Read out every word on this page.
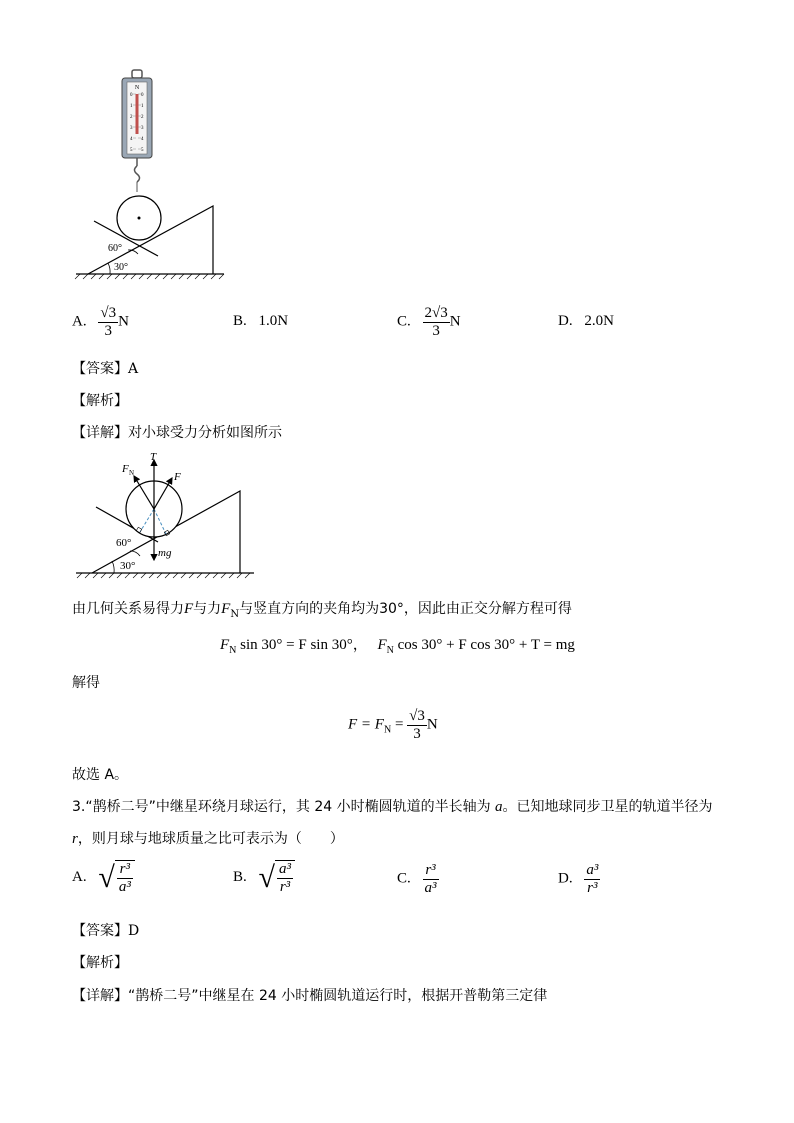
N
0
1
2
3
4
5
0
1
2
3
4
5
60°
30°
A. $\frac{√3}{3}$ N	B. 1.0N	C. $\frac{2√3}{3}$ N	D. 2.0N
【答案】A
【解析】
【详解】对小球受力分析如图所示
F N
T
F
mg
60°
30°
由几何关系易得力F与力$F_N$与竖直方向的夹角均为30°，因此由正交分解方程可得
$F_N$ sin 30° = F sin 30°， $F_N$ cos 30° + F cos 30° + T = mg
解得
$F = F_N = \frac{√3}{3}$ N
故选 A。
3.“鹊桥二号”中继星环绕月球运行，其 24 小时椭圆轨道的半长轴为 a。已知地球同步卫星的轨道半径为
r，则月球与地球质量之比可表示为（　　）
A. √ $\frac{\text{r³}}{\text{a³}}$	B. √ $\frac{\text{a³}}{\text{r³}}$	C. $\frac{\text{r³}}{\text{a³}}$	D. $\frac{\text{a³}}{\text{r³}}$
【答案】D
【解析】
【详解】“鹊桥二号”中继星在 24 小时椭圆轨道运行时，根据开普勒第三定律
